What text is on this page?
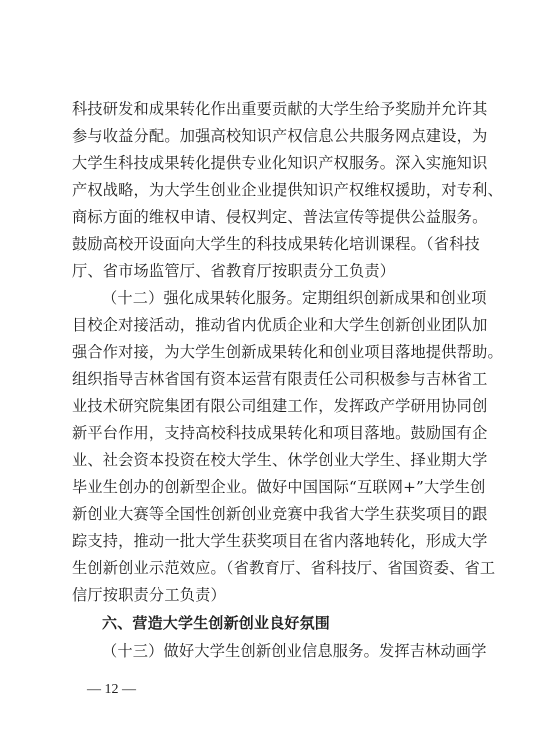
科技研发和成果转化作出重要贡献的大学生给予奖励并允许其
参与收益分配。加强高校知识产权信息公共服务网点建设，为
大学生科技成果转化提供专业化知识产权服务。深入实施知识
产权战略，为大学生创业企业提供知识产权维权援助，对专利、
商标方面的维权申请、侵权判定、普法宣传等提供公益服务。
鼓励高校开设面向大学生的科技成果转化培训课程。（省科技
厅、省市场监管厅、省教育厅按职责分工负责）
（十二）强化成果转化服务。定期组织创新成果和创业项
目校企对接活动，推动省内优质企业和大学生创新创业团队加
强合作对接，为大学生创新成果转化和创业项目落地提供帮助。
组织指导吉林省国有资本运营有限责任公司积极参与吉林省工
业技术研究院集团有限公司组建工作，发挥政产学研用协同创
新平台作用，支持高校科技成果转化和项目落地。鼓励国有企
业、社会资本投资在校大学生、休学创业大学生、择业期大学
毕业生创办的创新型企业。做好中国国际“互联网+”大学生创
新创业大赛等全国性创新创业竞赛中我省大学生获奖项目的跟
踪支持，推动一批大学生获奖项目在省内落地转化，形成大学
生创新创业示范效应。（省教育厅、省科技厅、省国资委、省工
信厅按职责分工负责）
六、营造大学生创新创业良好氛围
（十三）做好大学生创新创业信息服务。发挥吉林动画学
— 12 —
